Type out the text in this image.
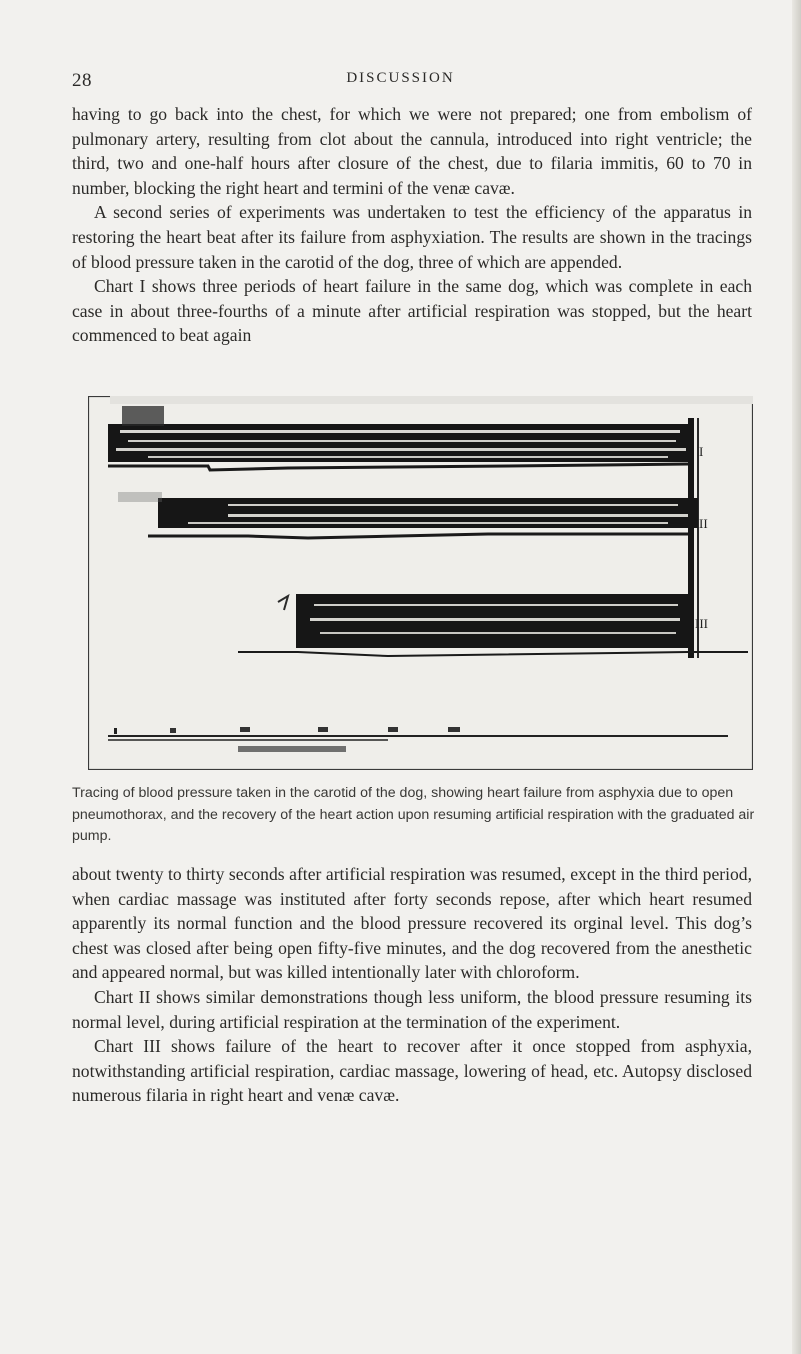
28	DISCUSSION

having to go back into the chest, for which we were not prepared; one from embolism of pulmonary artery, resulting from clot about the cannula, introduced into right ventricle; the third, two and one-half hours after closure of the chest, due to filaria immitis, 60 to 70 in number, blocking the right heart and termini of the venæ cavæ.

A second series of experiments was undertaken to test the efficiency of the apparatus in restoring the heart beat after its failure from asphyxiation. The results are shown in the tracings of blood pressure taken in the carotid of the dog, three of which are appended.

Chart I shows three periods of heart failure in the same dog, which was complete in each case in about three-fourths of a minute after artificial respiration was stopped, but the heart commenced to beat again

I
II
III
Tracing of blood pressure taken in the carotid of the dog, showing heart failure from asphyxia due to open pneumothorax, and the recovery of the heart action upon resuming artificial respiration with the graduated air pump.

about twenty to thirty seconds after artificial respiration was resumed, except in the third period, when cardiac massage was instituted after forty seconds repose, after which heart resumed apparently its normal function and the blood pressure recovered its orginal level. This dog’s chest was closed after being open fifty-five minutes, and the dog recovered from the anesthetic and appeared normal, but was killed intentionally later with chloroform.

Chart II shows similar demonstrations though less uniform, the blood pressure resuming its normal level, during artificial respiration at the termination of the experiment.

Chart III shows failure of the heart to recover after it once stopped from asphyxia, notwithstanding artificial respiration, cardiac massage, lowering of head, etc. Autopsy disclosed numerous filaria in right heart and venæ cavæ.
